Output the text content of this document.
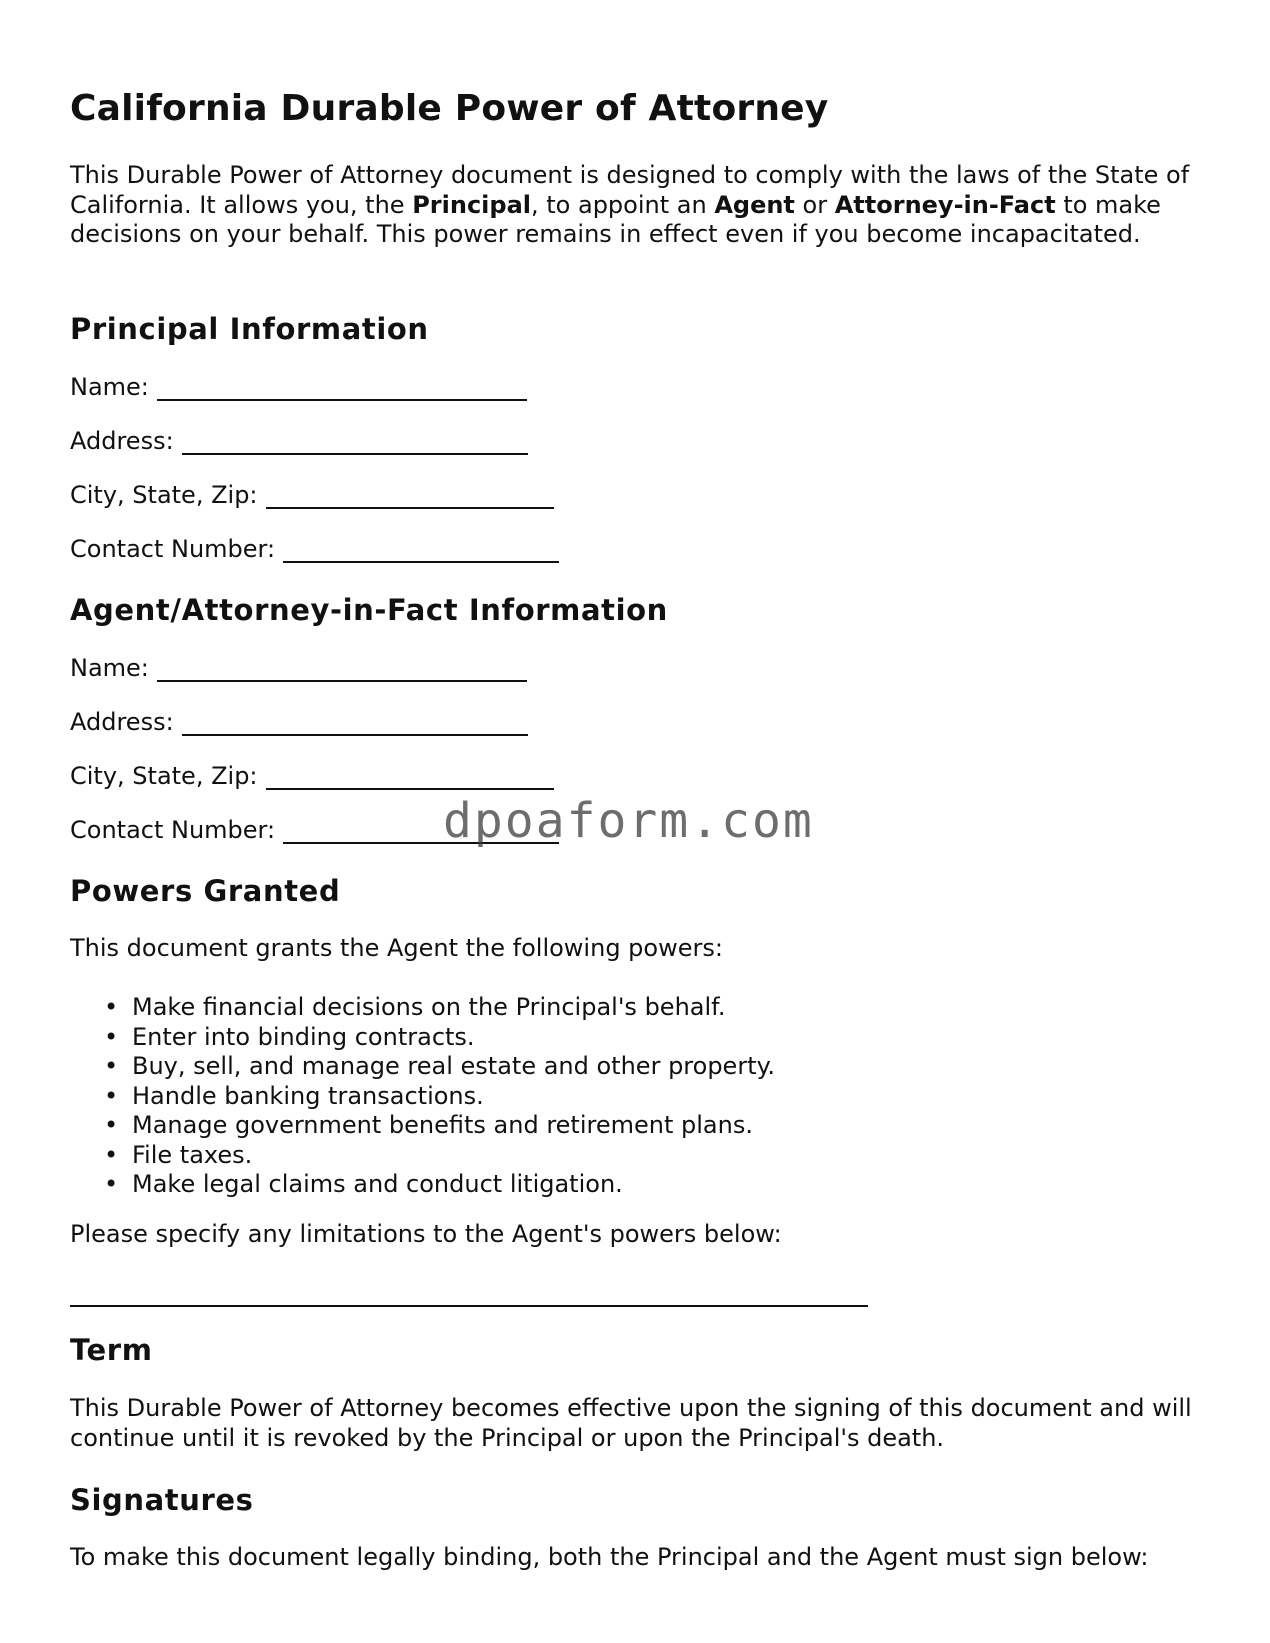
California Durable Power of Attorney
This Durable Power of Attorney document is designed to comply with the laws of the State of California. It allows you, the Principal, to appoint an Agent or Attorney-in-Fact to make decisions on your behalf. This power remains in effect even if you become incapacitated.
Principal Information
Name:
Address:
City, State, Zip:
Contact Number:
Agent/Attorney-in-Fact Information
Name:
Address:
City, State, Zip:
Contact Number:
Powers Granted
This document grants the Agent the following powers:
• Make financial decisions on the Principal's behalf.
• Enter into binding contracts.
• Buy, sell, and manage real estate and other property.
• Handle banking transactions.
• Manage government benefits and retirement plans.
• File taxes.
• Make legal claims and conduct litigation.
Please specify any limitations to the Agent's powers below:
Term
This Durable Power of Attorney becomes effective upon the signing of this document and will continue until it is revoked by the Principal or upon the Principal's death.
Signatures
To make this document legally binding, both the Principal and the Agent must sign below:
dpoaform.com
